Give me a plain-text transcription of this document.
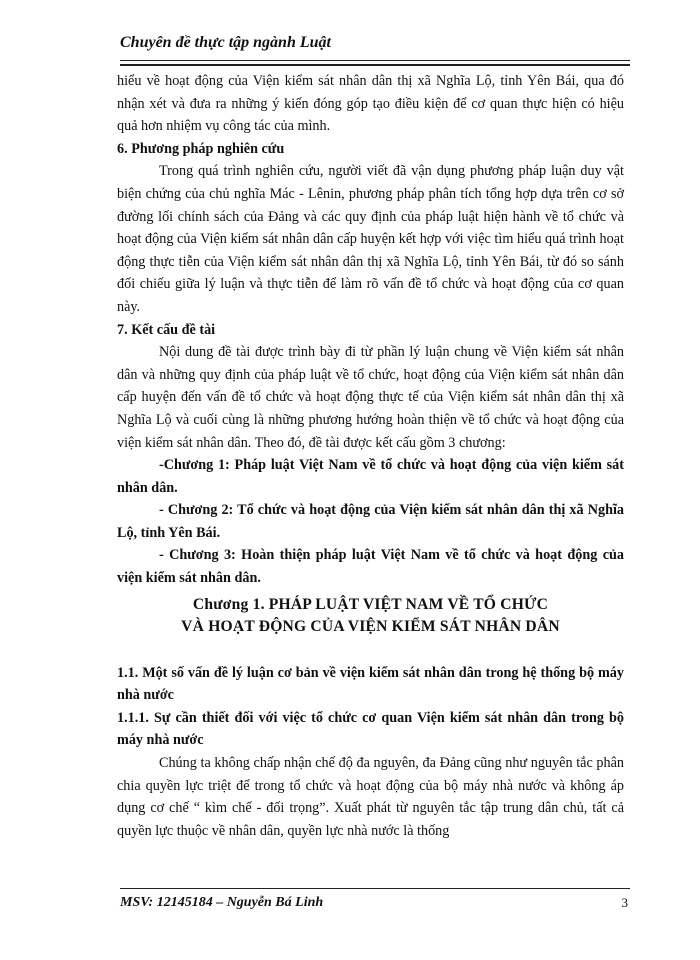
Chuyên đề thực tập ngành Luật

hiểu về hoạt động của Viện kiểm sát nhân dân thị xã Nghĩa Lộ, tỉnh Yên Bái, qua đó nhận xét và đưa ra những ý kiến đóng góp tạo điều kiện để cơ quan thực hiện có hiệu quả hơn nhiệm vụ công tác của mình.

6. Phương pháp nghiên cứu

Trong quá trình nghiên cứu, người viết đã vận dụng phương pháp luận duy vật biện chứng của chủ nghĩa Mác - Lênin, phương pháp phân tích tổng hợp dựa trên cơ sở đường lối chính sách của Đảng và các quy định của pháp luật hiện hành về tổ chức và hoạt động của Viện kiểm sát nhân dân cấp huyện kết hợp với việc tìm hiểu quá trình hoạt động thực tiễn của Viện kiểm sát nhân dân thị xã Nghĩa Lộ, tỉnh Yên Bái, từ đó so sánh đối chiếu giữa lý luận và thực tiễn để làm rõ vấn đề tổ chức và hoạt động của cơ quan này.

7. Kết cấu đề tài

Nội dung đề tài được trình bày đi từ phần lý luận chung về Viện kiểm sát nhân dân và những quy định của pháp luật về tổ chức, hoạt động của Viện kiểm sát nhân dân cấp huyện đến vấn đề tổ chức và hoạt động thực tế của Viện kiểm sát nhân dân thị xã Nghĩa Lộ và cuối cùng là những phương hướng hoàn thiện về tổ chức và hoạt động của viện kiểm sát nhân dân. Theo đó, đề tài được kết cấu gồm 3 chương:

-Chương 1: Pháp luật Việt Nam về tổ chức và hoạt động của viện kiểm sát nhân dân.

- Chương 2: Tổ chức và hoạt động của Viện kiểm sát nhân dân thị xã Nghĩa Lộ, tỉnh Yên Bái.

- Chương 3: Hoàn thiện pháp luật Việt Nam về tổ chức và hoạt động của viện kiểm sát nhân dân.

Chương 1. PHÁP LUẬT VIỆT NAM VỀ TỔ CHỨC

VÀ HOẠT ĐỘNG CỦA VIỆN KIỂM SÁT NHÂN DÂN

1.1. Một số vấn đề lý luận cơ bản về viện kiểm sát nhân dân trong hệ thống bộ máy nhà nước

1.1.1. Sự cần thiết đối với việc tổ chức cơ quan Viện kiểm sát nhân dân trong bộ máy nhà nước

Chúng ta không chấp nhận chế độ đa nguyên, đa Đảng cũng như nguyên tắc phân chia quyền lực triệt để trong tổ chức và hoạt động của bộ máy nhà nước và không áp dụng cơ chế “ kìm chế - đối trọng”. Xuất phát từ nguyên tắc tập trung dân chủ, tất cả quyền lực thuộc về nhân dân, quyền lực nhà nước là thống

MSV: 12145184 – Nguyễn Bá Linh	3
